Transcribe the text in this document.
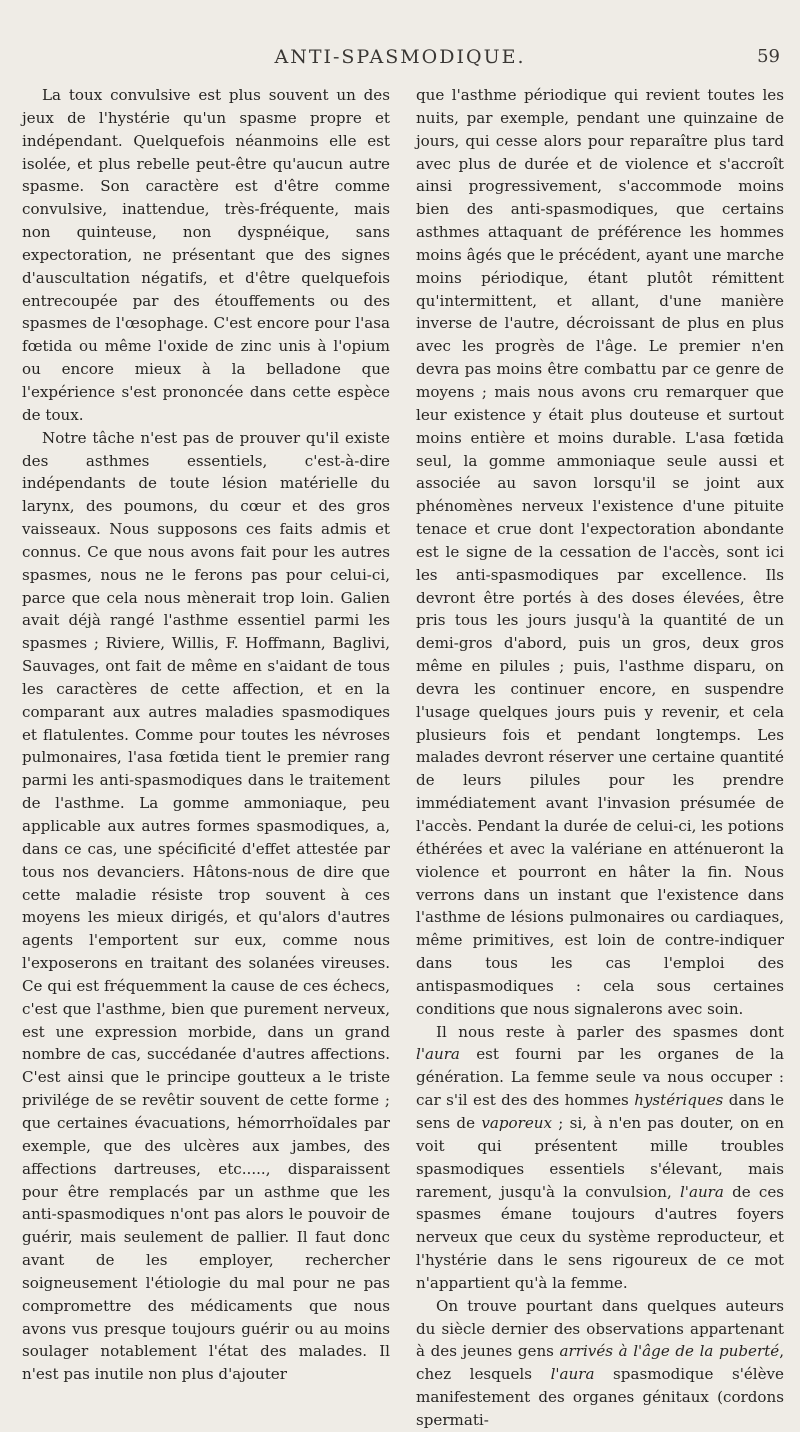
ANTI-SPASMODIQUE.	59

La toux convulsive est plus souvent un des jeux de l'hystérie qu'un spasme propre et indépendant. Quelquefois néanmoins elle est isolée, et plus rebelle peut-être qu'aucun autre spasme. Son caractère est d'être comme convulsive, inattendue, très-fréquente, mais non quinteuse, non dyspnéique, sans expectoration, ne présentant que des signes d'auscultation négatifs, et d'être quelquefois entrecoupée par des étouffements ou des spasmes de l'œsophage. C'est encore pour l'asa fœtida ou même l'oxide de zinc unis à l'opium ou encore mieux à la belladone que l'expérience s'est prononcée dans cette espèce de toux.

Notre tâche n'est pas de prouver qu'il existe des asthmes essentiels, c'est-à-dire indépendants de toute lésion matérielle du larynx, des poumons, du cœur et des gros vaisseaux. Nous supposons ces faits admis et connus. Ce que nous avons fait pour les autres spasmes, nous ne le ferons pas pour celui-ci, parce que cela nous mènerait trop loin. Galien avait déjà rangé l'asthme essentiel parmi les spasmes ; Riviere, Willis, F. Hoffmann, Baglivi, Sauvages, ont fait de même en s'aidant de tous les caractères de cette affection, et en la comparant aux autres maladies spasmodiques et flatulentes. Comme pour toutes les névroses pulmonaires, l'asa fœtida tient le premier rang parmi les anti-spasmodiques dans le traitement de l'asthme. La gomme ammoniaque, peu applicable aux autres formes spasmodiques, a, dans ce cas, une spécificité d'effet attestée par tous nos devanciers. Hâtons-nous de dire que cette maladie résiste trop souvent à ces moyens les mieux dirigés, et qu'alors d'autres agents l'emportent sur eux, comme nous l'exposerons en traitant des solanées vireuses. Ce qui est fréquemment la cause de ces échecs, c'est que l'asthme, bien que purement nerveux, est une expression morbide, dans un grand nombre de cas, succédanée d'autres affections. C'est ainsi que le principe goutteux a le triste privilége de se revêtir souvent de cette forme ; que certaines évacuations, hémorrhoïdales par exemple, que des ulcères aux jambes, des affections dartreuses, etc....., disparaissent pour être remplacés par un asthme que les anti-spasmodiques n'ont pas alors le pouvoir de guérir, mais seulement de pallier. Il faut donc avant de les employer, rechercher soigneusement l'étiologie du mal pour ne pas compromettre des médicaments que nous avons vus presque toujours guérir ou au moins soulager notablement l'état des malades. Il n'est pas inutile non plus d'ajouter

que l'asthme périodique qui revient toutes les nuits, par exemple, pendant une quinzaine de jours, qui cesse alors pour reparaître plus tard avec plus de durée et de violence et s'accroît ainsi progressivement, s'accommode moins bien des anti-spasmodiques, que certains asthmes attaquant de préférence les hommes moins âgés que le précédent, ayant une marche moins périodique, étant plutôt rémittent qu'intermittent, et allant, d'une manière inverse de l'autre, décroissant de plus en plus avec les progrès de l'âge. Le premier n'en devra pas moins être combattu par ce genre de moyens ; mais nous avons cru remarquer que leur existence y était plus douteuse et surtout moins entière et moins durable. L'asa fœtida seul, la gomme ammoniaque seule aussi et associée au savon lorsqu'il se joint aux phénomènes nerveux l'existence d'une pituite tenace et crue dont l'expectoration abondante est le signe de la cessation de l'accès, sont ici les anti-spasmodiques par excellence. Ils devront être portés à des doses élevées, être pris tous les jours jusqu'à la quantité de un demi-gros d'abord, puis un gros, deux gros même en pilules ; puis, l'asthme disparu, on devra les continuer encore, en suspendre l'usage quelques jours puis y revenir, et cela plusieurs fois et pendant longtemps. Les malades devront réserver une certaine quantité de leurs pilules pour les prendre immédiatement avant l'invasion présumée de l'accès. Pendant la durée de celui-ci, les potions éthérées et avec la valériane en atténueront la violence et pourront en hâter la fin. Nous verrons dans un instant que l'existence dans l'asthme de lésions pulmonaires ou cardiaques, même primitives, est loin de contre-indiquer dans tous les cas l'emploi des antispasmodiques : cela sous certaines conditions que nous signalerons avec soin.

Il nous reste à parler des spasmes dont l'aura est fourni par les organes de la génération. La femme seule va nous occuper : car s'il est des des hommes hystériques dans le sens de vaporeux ; si, à n'en pas douter, on en voit qui présentent mille troubles spasmodiques essentiels s'élevant, mais rarement, jusqu'à la convulsion, l'aura de ces spasmes émane toujours d'autres foyers nerveux que ceux du système reproducteur, et l'hystérie dans le sens rigoureux de ce mot n'appartient qu'à la femme.

On trouve pourtant dans quelques auteurs du siècle dernier des observations appartenant à des jeunes gens arrivés à l'âge de la puberté, chez lesquels l'aura spasmodique s'élève manifestement des organes génitaux (cordons spermati-
